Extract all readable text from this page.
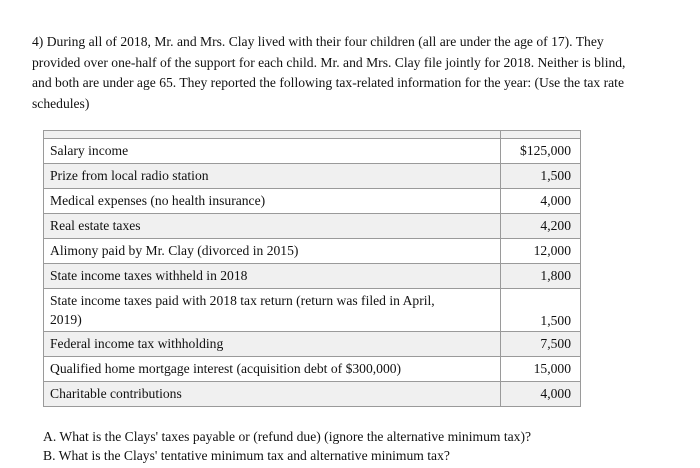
4) During all of 2018, Mr. and Mrs. Clay lived with their four children (all are under the age of 17). They
provided over one-half of the support for each child. Mr. and Mrs. Clay file jointly for 2018. Neither is blind,
and both are under age 65. They reported the following tax-related information for the year: (Use the tax rate
schedules)

Salary income	$125,000
Prize from local radio station	1,500
Medical expenses (no health insurance)	4,000
Real estate taxes	4,200
Alimony paid by Mr. Clay (divorced in 2015)	12,000
State income taxes withheld in 2018	1,800
State income taxes paid with 2018 tax return (return was filed in April,
2019)	1,500
Federal income tax withholding	7,500
Qualified home mortgage interest (acquisition debt of $300,000)	15,000
Charitable contributions	4,000

A. What is the Clays' taxes payable or (refund due) (ignore the alternative minimum tax)?
B. What is the Clays' tentative minimum tax and alternative minimum tax?
